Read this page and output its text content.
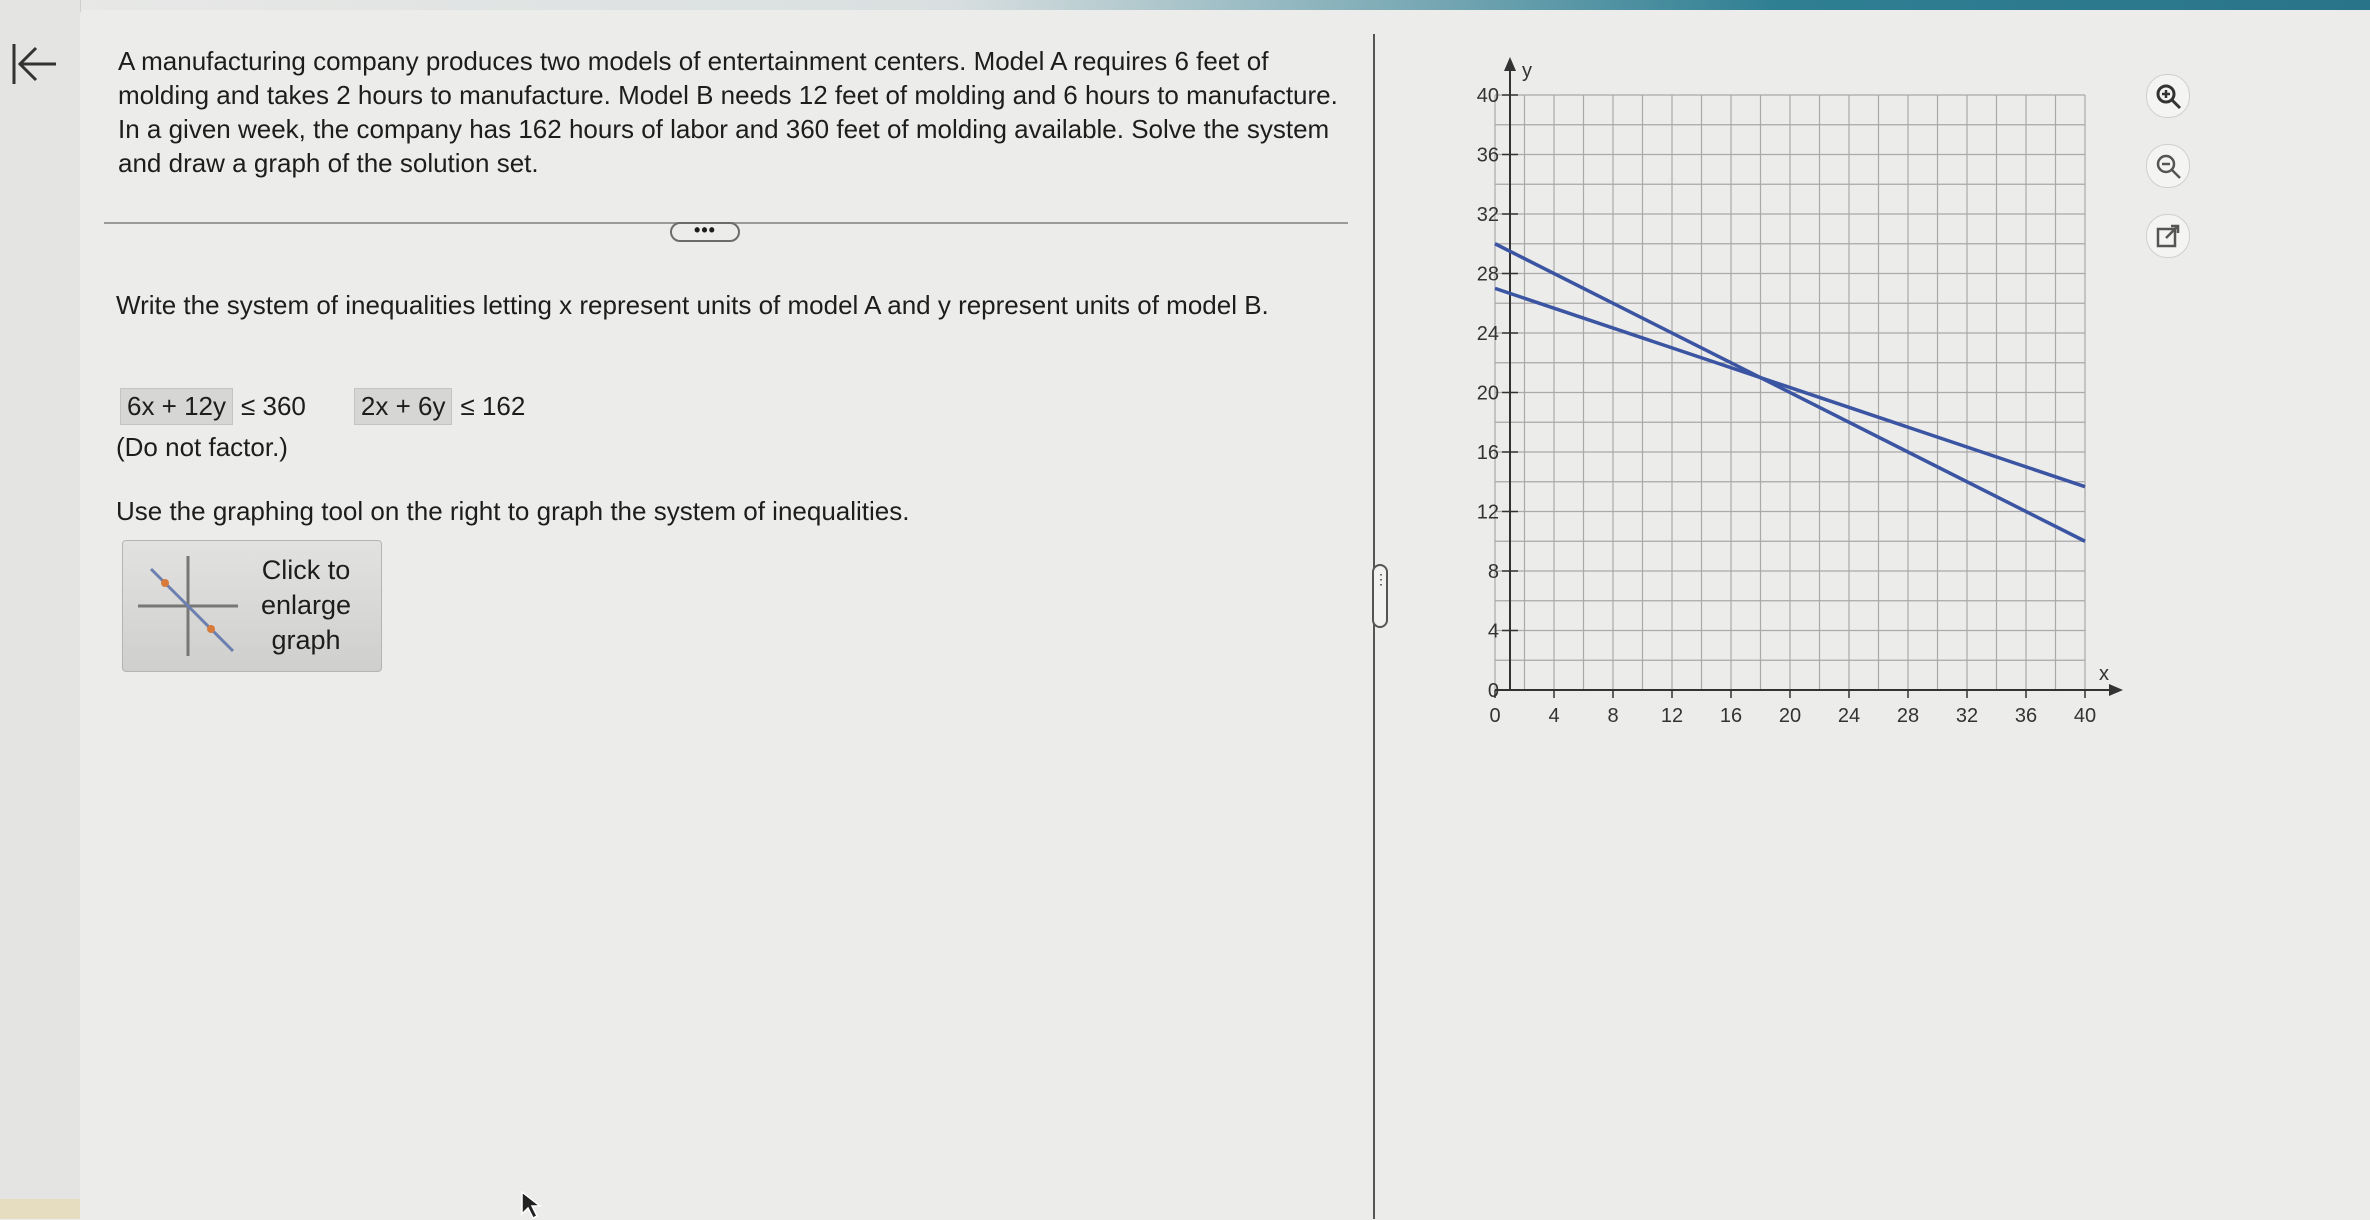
A manufacturing company produces two models of entertainment centers. Model A requires 6 feet of molding and takes 2 hours to manufacture. Model B needs 12 feet of molding and 6 hours to manufacture. In a given week, the company has 162 hours of labor and 360 feet of molding available. Solve the system and draw a graph of the solution set.

•••
Write the system of inequalities letting x represent units of model A and y represent units of model B.
6x + 12y ≤ 360	2x + 6y ≤ 162
(Do not factor.)
Use the graphing tool on the right to graph the system of inequalities.
Click to
enlarge
graph
⋮
0 4 8 12 16 20 24 28 32 36 40
0
4
8
12
16
20
24
28
32
36
40
x
y
